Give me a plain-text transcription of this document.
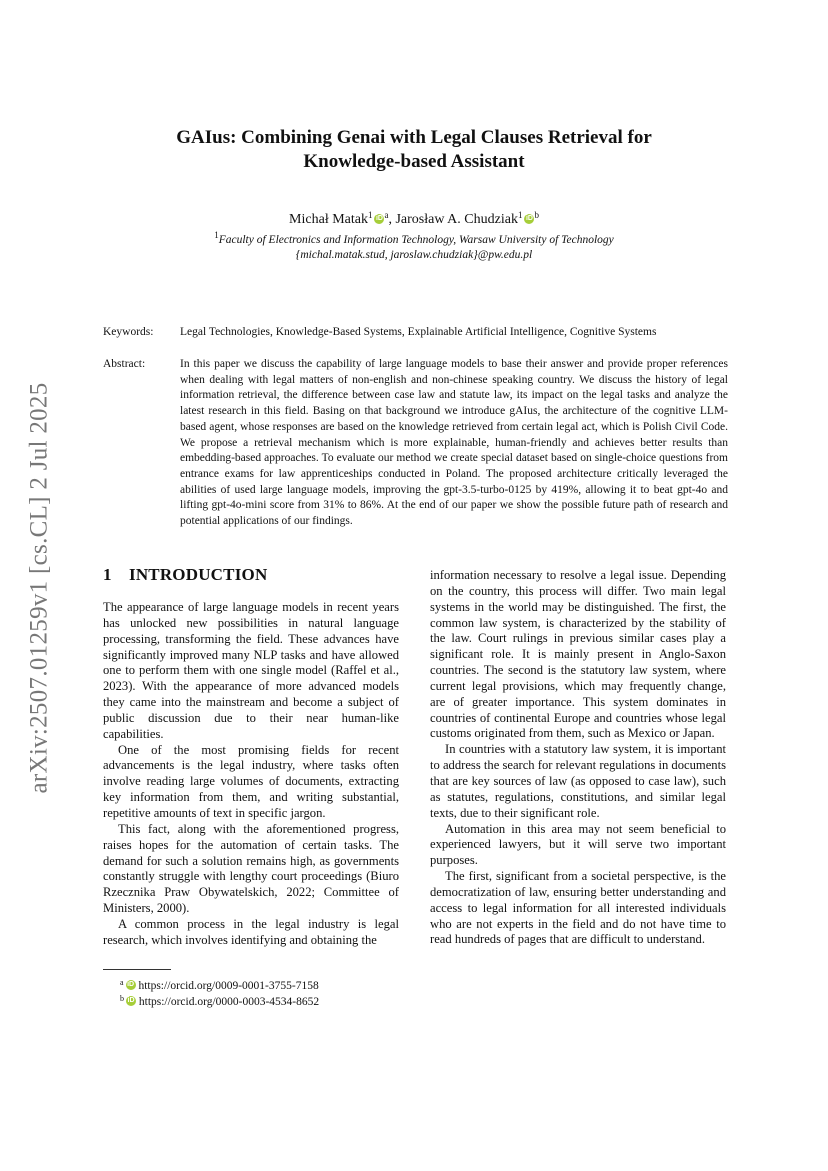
arXiv:2507.01259v1 [cs.CL] 2 Jul 2025
GAIus: Combining Genai with Legal Clauses Retrieval for
Knowledge-based Assistant
Michał Matak$^1$ iD $^a$, Jarosław A. Chudziak$^1$ iD $^b$
$^1$Faculty of Electronics and Information Technology, Warsaw University of Technology
{michal.matak.stud, jaroslaw.chudziak}@pw.edu.pl
Keywords:	Legal Technologies, Knowledge-Based Systems, Explainable Artificial Intelligence, Cognitive Systems
Abstract:	In this paper we discuss the capability of large language models to base their answer and provide proper references when dealing with legal matters of non-english and non-chinese speaking country. We discuss the history of legal information retrieval, the difference between case law and statute law, its impact on the legal tasks and analyze the latest research in this field. Basing on that background we introduce gAIus, the architecture of the cognitive LLM-based agent, whose responses are based on the knowledge retrieved from certain legal act, which is Polish Civil Code. We propose a retrieval mechanism which is more explainable, human-friendly and achieves better results than embedding-based approaches. To evaluate our method we create special dataset based on single-choice questions from entrance exams for law apprenticeships conducted in Poland. The proposed architecture critically leveraged the abilities of used large language models, improving the gpt-3.5-turbo-0125 by 419%, allowing it to beat gpt-4o and lifting gpt-4o-mini score from 31% to 86%. At the end of our paper we show the possible future path of research and potential applications of our findings.
1 INTRODUCTION

The appearance of large language models in recent years has unlocked new possibilities in natural language processing, transforming the field. These advances have significantly improved many NLP tasks and have allowed one to perform them with one single model (Raffel et al., 2023). With the appearance of more advanced models they came into the mainstream and become a subject of public discussion due to their near human-like capabilities.

One of the most promising fields for recent advancements is the legal industry, where tasks often involve reading large volumes of documents, extracting key information from them, and writing substantial, repetitive amounts of text in specific jargon.

This fact, along with the aforementioned progress, raises hopes for the automation of certain tasks. The demand for such a solution remains high, as governments constantly struggle with lengthy court proceedings (Biuro Rzecznika Praw Obywatelskich, 2022; Committee of Ministers, 2000).

A common process in the legal industry is legal research, which involves identifying and obtaining the

information necessary to resolve a legal issue. Depending on the country, this process will differ. Two main legal systems in the world may be distinguished. The first, the common law system, is characterized by the stability of the law. Court rulings in previous similar cases play a significant role. It is mainly present in Anglo-Saxon countries. The second is the statutory law system, where current legal provisions, which may frequently change, are of greater importance. This system dominates in countries of continental Europe and countries whose legal customs originated from them, such as Mexico or Japan.

In countries with a statutory law system, it is important to address the search for relevant regulations in documents that are key sources of law (as opposed to case law), such as statutes, regulations, constitutions, and similar legal texts, due to their significant role.

Automation in this area may not seem beneficial to experienced lawyers, but it will serve two important purposes.

The first, significant from a societal perspective, is the democratization of law, ensuring better understanding and access to legal information for all interested individuals who are not experts in the field and do not have time to read hundreds of pages that are difficult to understand.

$^a$ iD https://orcid.org/0009-0001-3755-7158
$^b$ iD https://orcid.org/0000-0003-4534-8652
